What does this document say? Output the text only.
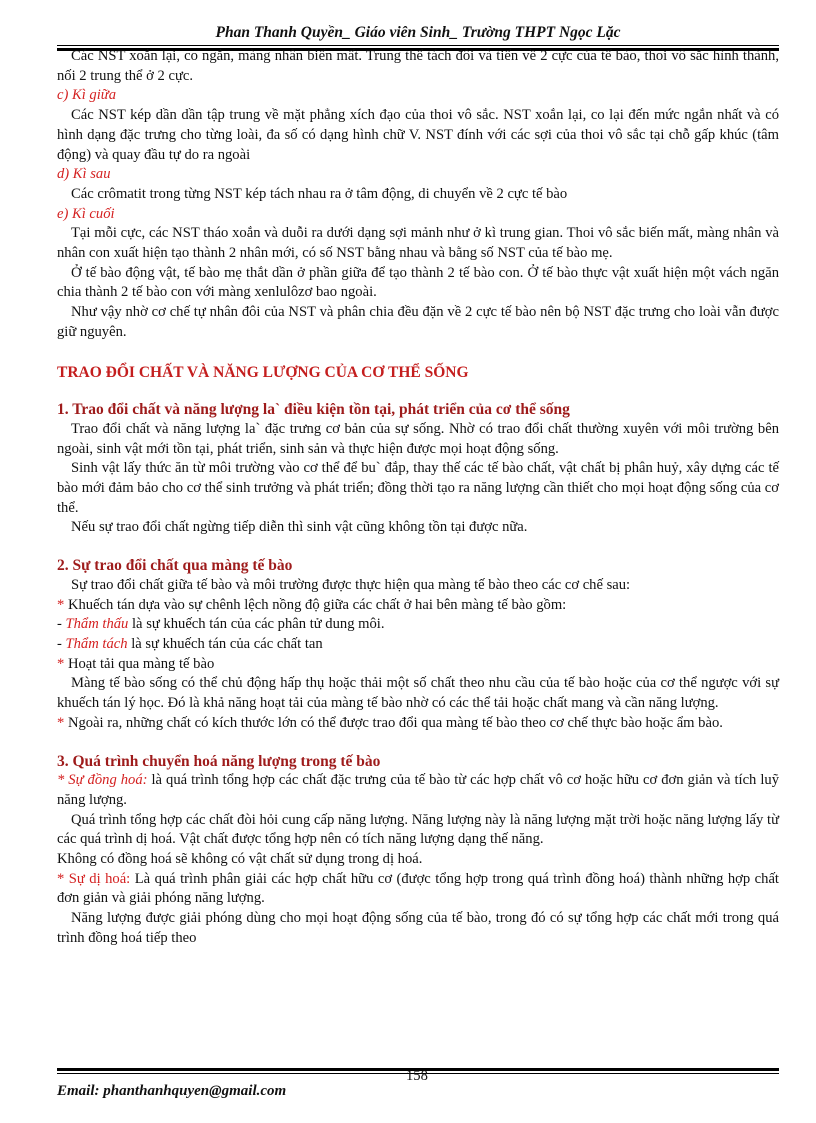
Phan Thanh Quyền_ Giáo viên Sinh_ Trường THPT Ngọc Lặc

Các NST xoắn lại, co ngắn, màng nhân biến mất. Trung thể tách đôi và tiến về 2 cực của tế bào, thoi vô sắc hình thành, nối 2 trung thể ở 2 cực.

c) Kì giữa

Các NST kép dần dần tập trung về mặt phẳng xích đạo của thoi vô sắc. NST xoắn lại, co lại đến mức ngắn nhất và có hình dạng đặc trưng cho từng loài, đa số có dạng hình chữ V. NST đính với các sợi của thoi vô sắc tại chỗ gấp khúc (tâm động) và quay đầu tự do ra ngoài

d) Kì sau

Các crômatit trong từng NST kép tách nhau ra ở tâm động, di chuyển về 2 cực tế bào

e) Kì cuối

Tại mỗi cực, các NST tháo xoắn và duỗi ra dưới dạng sợi mảnh như ở kì trung gian. Thoi vô sắc biến mất, màng nhân và nhân con xuất hiện tạo thành 2 nhân mới, có số NST bằng nhau và bằng số NST của tế bào mẹ.

Ở tế bào động vật, tế bào mẹ thắt dần ở phần giữa để tạo thành 2 tế bào con. Ở tế bào thực vật xuất hiện một vách ngăn chia thành 2 tế bào con với màng xenlulôzơ bao ngoài.

Như vậy nhờ cơ chế tự nhân đôi của NST và phân chia đều đặn về 2 cực tế bào nên bộ NST đặc trưng cho loài vẫn được giữ nguyên.

TRAO ĐỔI CHẤT VÀ NĂNG LƯỢNG CỦA CƠ THỂ SỐNG

1. Trao đổi chất và năng lượng la` điều kiện tồn tại, phát triển của cơ thể sống

Trao đổi chất và năng lượng la` đặc trưng cơ bản của sự sống. Nhờ có trao đổi chất thường xuyên với môi trường bên ngoài, sinh vật mới tồn tại, phát triển, sinh sản và thực hiện được mọi hoạt động sống.

Sinh vật lấy thức ăn từ môi trường vào cơ thể để bu` đắp, thay thế các tế bào chất, vật chất bị phân huỷ, xây dựng các tế bào mới đảm bảo cho cơ thể sinh trưởng và phát triển; đồng thời tạo ra năng lượng cần thiết cho mọi hoạt động sống của cơ thể.

Nếu sự trao đổi chất ngừng tiếp diễn thì sinh vật cũng không tồn tại được nữa.

2. Sự trao đổi chất qua màng tế bào

Sự trao đổi chất giữa tế bào và môi trường được thực hiện qua màng tế bào theo các cơ chế sau:

* Khuếch tán dựa vào sự chênh lệch nồng độ giữa các chất ở hai bên màng tế bào gồm:

- Thẩm thấu là sự khuếch tán của các phân tử dung môi.

- Thẩm tách là sự khuếch tán của các chất tan

* Hoạt tải qua màng tế bào

Màng tế bào sống có thể chủ động hấp thụ hoặc thải một số chất theo nhu cầu của tế bào hoặc của cơ thể ngược với sự khuếch tán lý học. Đó là khả năng hoạt tải của màng tế bào nhờ có các thể tải hoặc chất mang và cần năng lượng.

* Ngoài ra, những chất có kích thước lớn có thể được trao đổi qua màng tế bào theo cơ chế thực bào hoặc ẩm bào.

3. Quá trình chuyển hoá năng lượng trong tế bào

* Sự đồng hoá: là quá trình tổng hợp các chất đặc trưng của tế bào từ các hợp chất vô cơ hoặc hữu cơ đơn giản và tích luỹ năng lượng.

Quá trình tổng hợp các chất đòi hỏi cung cấp năng lượng. Năng lượng này là năng lượng mặt trời hoặc năng lượng lấy từ các quá trình dị hoá. Vật chất được tổng hợp nên có tích năng lượng dạng thế năng.

Không có đồng hoá sẽ không có vật chất sử dụng trong dị hoá.

* Sự dị hoá: Là quá trình phân giải các hợp chất hữu cơ (được tổng hợp trong quá trình đồng hoá) thành những hợp chất đơn giản và giải phóng năng lượng.

Năng lượng được giải phóng dùng cho mọi hoạt động sống của tế bào, trong đó có sự tổng hợp các chất mới trong quá trình đồng hoá tiếp theo

Email: phanthanhquyen@gmail.com
158
